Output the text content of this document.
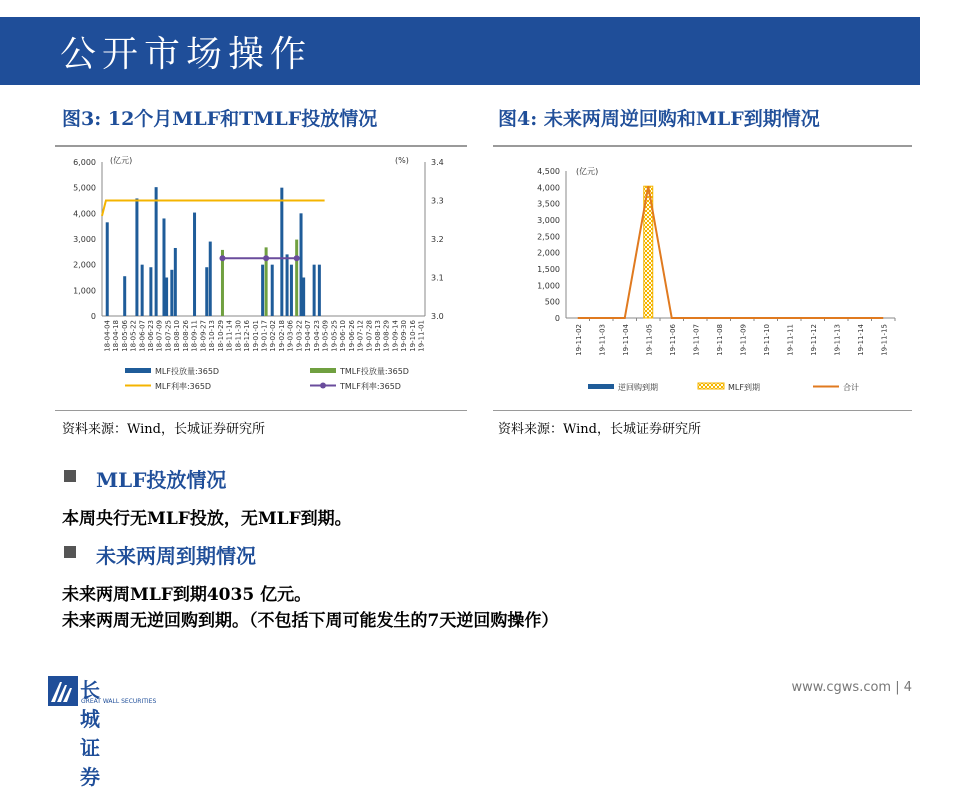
公开市场操作
图3: 12个月MLF和TMLF投放情况	图4: 未来两周逆回购和MLF到期情况
0
1,000
2,000
3,000
4,000
5,000
6,000
3.0
3.1
3.2
3.3
3.4
(亿元)	(%)
18-04-04 18-04-18 18-05-06 18-05-22 18-06-07 18-06-23 18-07-09 18-07-25 18-08-10 18-08-26 18-09-11 18-09-27 18-10-13 18-10-29 18-11-14 18-11-30 18-12-16 19-01-01 19-01-17 19-02-02 19-02-18 19-03-06 19-03-22 19-04-07 19-04-23 19-05-09 19-05-25 19-06-10 19-06-26 19-07-12 19-07-28 19-08-13 19-08-29 19-09-14 19-09-30 19-10-16 19-11-01
MLF投放量:365D	TMLF投放量:365D
MLF利率:365D	TMLF利率:365D
0
500
1,000
1,500
2,000
2,500
3,000
3,500
4,000
4,500 (亿元)
19-11-02 19-11-03 19-11-04 19-11-05 19-11-06 19-11-07 19-11-08 19-11-09 19-11-10 19-11-11 19-11-12 19-11-13 19-11-14 19-11-15
逆回购到期	MLF到期	合计
资料来源：Wind，长城证券研究所	资料来源：Wind，长城证券研究所
MLF投放情况
本周央行无MLF投放，无MLF到期。
未来两周到期情况
未来两周MLF到期4035 亿元。
未来两周无逆回购到期。（不包括下周可能发生的7天逆回购操作）
长城证券
GREAT WALL SECURITIES
www.cgws.com | 4
